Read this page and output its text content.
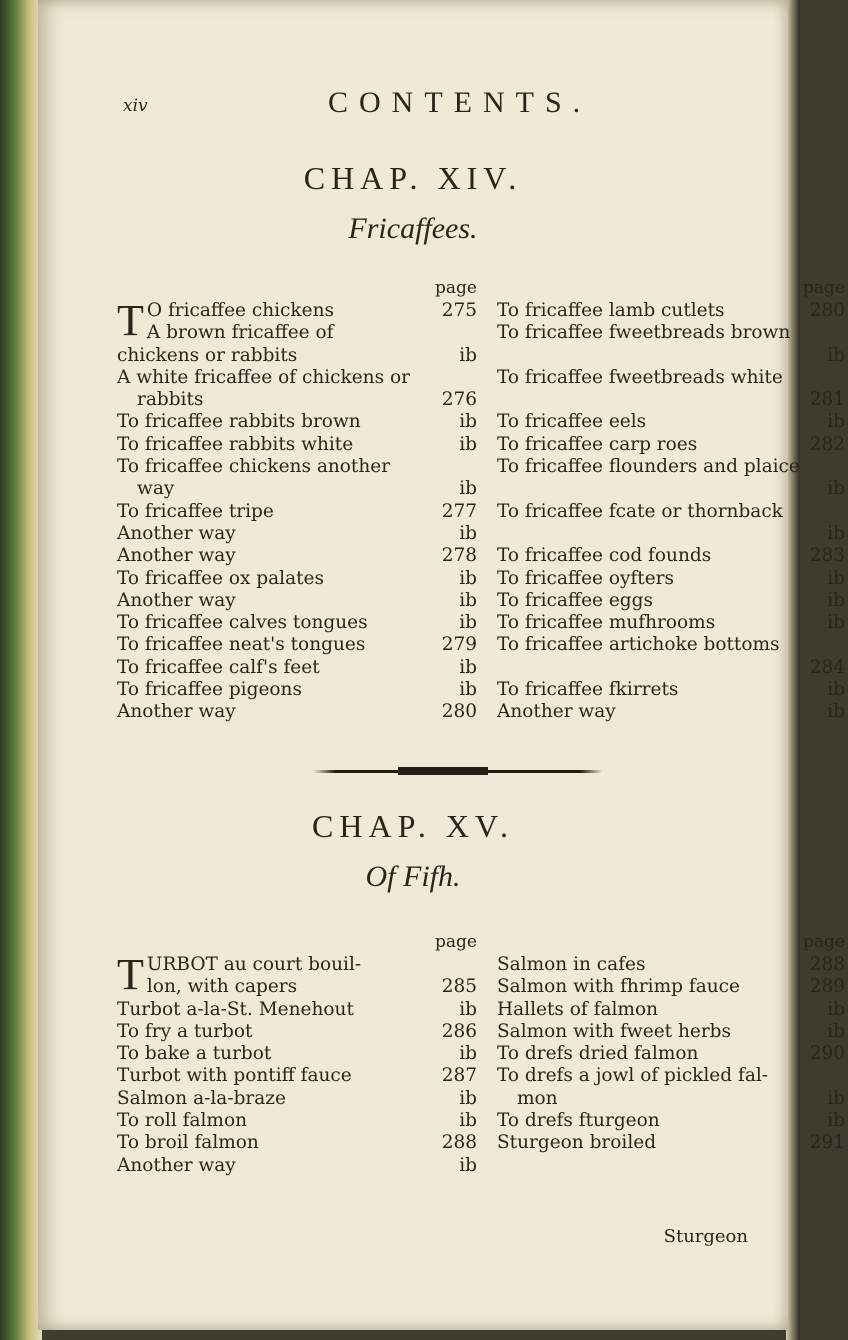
xiv	CONTENTS.
CHAP. XIV.
Fricaffees.
page
T O fricaffee chickens	275
A brown fricaffee of
chickens or rabbits	ib
A white fricaffee of chickens or
rabbits	276
To fricaffee rabbits brown	ib
To fricaffee rabbits white	ib
To fricaffee chickens another
way	ib
To fricaffee tripe	277
Another way	ib
Another way	278
To fricaffee ox palates	ib
Another way	ib
To fricaffee calves tongues	ib
To fricaffee neat's tongues	279
To fricaffee calf's feet	ib
To fricaffee pigeons	ib
Another way	280
page
To fricaffee lamb cutlets	280
To fricaffee fweetbreads brown
ib
To fricaffee fweetbreads white
281
To fricaffee eels	ib
To fricaffee carp roes	282
To fricaffee flounders and plaice
ib
To fricaffee fcate or thornback
ib
To fricaffee cod founds	283
To fricaffee oyfters	ib
To fricaffee eggs	ib
To fricaffee mufhrooms	ib
To fricaffee artichoke bottoms
284
To fricaffee fkirrets	ib
Another way	ib
CHAP. XV.
Of Fifh.
page
T URBOT au court bouil-
lon, with capers	285
Turbot a-la-St. Menehout	ib
To fry a turbot	286
To bake a turbot	ib
Turbot with pontiff fauce	287
Salmon a-la-braze	ib
To roll falmon	ib
To broil falmon	288
Another way	ib
page
Salmon in cafes	288
Salmon with fhrimp fauce	289
Hallets of falmon	ib
Salmon with fweet herbs	ib
To drefs dried falmon	290
To drefs a jowl of pickled fal-
mon	ib
To drefs fturgeon	ib
Sturgeon broiled	291
Sturgeon
